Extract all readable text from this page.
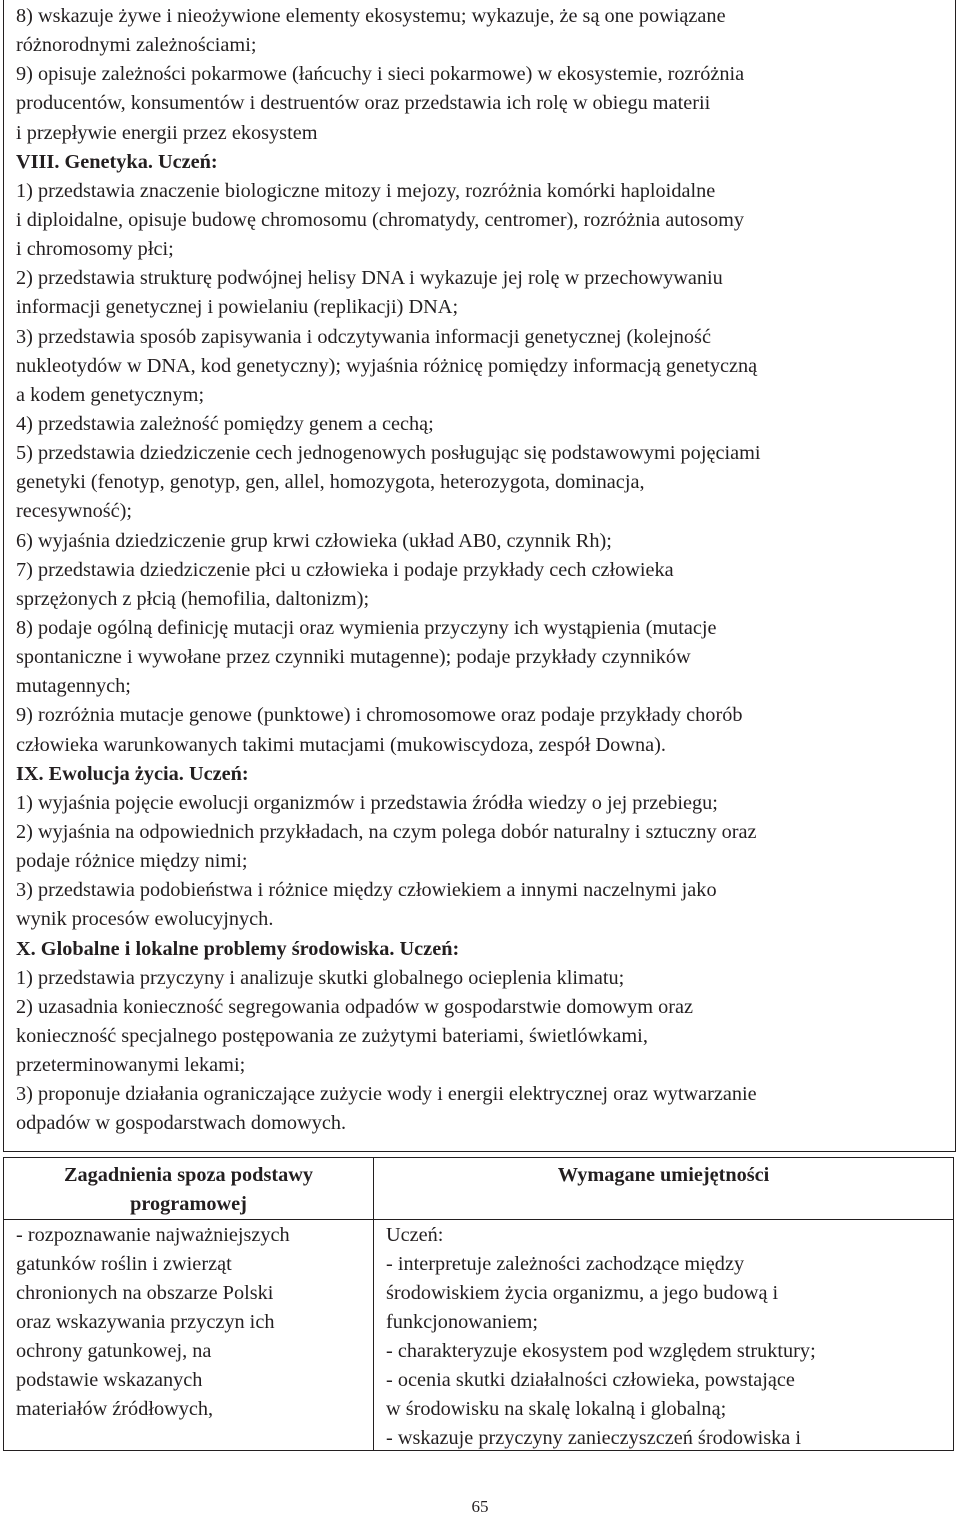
8) wskazuje żywe i nieożywione elementy ekosystemu; wykazuje, że są one powiązane
różnorodnymi zależnościami;
9) opisuje zależności pokarmowe (łańcuchy i sieci pokarmowe) w ekosystemie, rozróżnia
producentów, konsumentów i destruentów oraz przedstawia ich rolę w obiegu materii
i przepływie energii przez ekosystem
VIII. Genetyka. Uczeń:
1) przedstawia znaczenie biologiczne mitozy i mejozy, rozróżnia komórki haploidalne
i diploidalne, opisuje budowę chromosomu (chromatydy, centromer), rozróżnia autosomy
i chromosomy płci;
2) przedstawia strukturę podwójnej helisy DNA i wykazuje jej rolę w przechowywaniu
informacji genetycznej i powielaniu (replikacji) DNA;
3) przedstawia sposób zapisywania i odczytywania informacji genetycznej (kolejność
nukleotydów w DNA, kod genetyczny); wyjaśnia różnicę pomiędzy informacją genetyczną
a kodem genetycznym;
4) przedstawia zależność pomiędzy genem a cechą;
5) przedstawia dziedziczenie cech jednogenowych posługując się podstawowymi pojęciami
genetyki (fenotyp, genotyp, gen, allel, homozygota, heterozygota, dominacja,
recesywność);
6) wyjaśnia dziedziczenie grup krwi człowieka (układ AB0, czynnik Rh);
7) przedstawia dziedziczenie płci u człowieka i podaje przykłady cech człowieka
sprzężonych z płcią (hemofilia, daltonizm);
8) podaje ogólną definicję mutacji oraz wymienia przyczyny ich wystąpienia (mutacje
spontaniczne i wywołane przez czynniki mutagenne); podaje przykłady czynników
mutagennych;
9) rozróżnia mutacje genowe (punktowe) i chromosomowe oraz podaje przykłady chorób
człowieka warunkowanych takimi mutacjami (mukowiscydoza, zespół Downa).
IX. Ewolucja życia. Uczeń:
1) wyjaśnia pojęcie ewolucji organizmów i przedstawia źródła wiedzy o jej przebiegu;
2) wyjaśnia na odpowiednich przykładach, na czym polega dobór naturalny i sztuczny oraz
podaje różnice między nimi;
3) przedstawia podobieństwa i różnice między człowiekiem a innymi naczelnymi jako
wynik procesów ewolucyjnych.
X. Globalne i lokalne problemy środowiska. Uczeń:
1) przedstawia przyczyny i analizuje skutki globalnego ocieplenia klimatu;
2) uzasadnia konieczność segregowania odpadów w gospodarstwie domowym oraz
konieczność specjalnego postępowania ze zużytymi bateriami, świetlówkami,
przeterminowanymi lekami;
3) proponuje działania ograniczające zużycie wody i energii elektrycznej oraz wytwarzanie
odpadów w gospodarstwach domowych.
Zagadnienia spoza podstawy
programowej
Wymagane umiejętności
- rozpoznawanie najważniejszych
gatunków roślin i zwierząt
chronionych na obszarze Polski
oraz wskazywania przyczyn ich
ochrony gatunkowej, na
podstawie wskazanych
materiałów źródłowych,
Uczeń:
- interpretuje zależności zachodzące między
środowiskiem życia organizmu, a jego budową i
funkcjonowaniem;
- charakteryzuje ekosystem pod względem struktury;
- ocenia skutki działalności człowieka, powstające
w środowisku na skalę lokalną i globalną;
- wskazuje przyczyny zanieczyszczeń środowiska i
65
